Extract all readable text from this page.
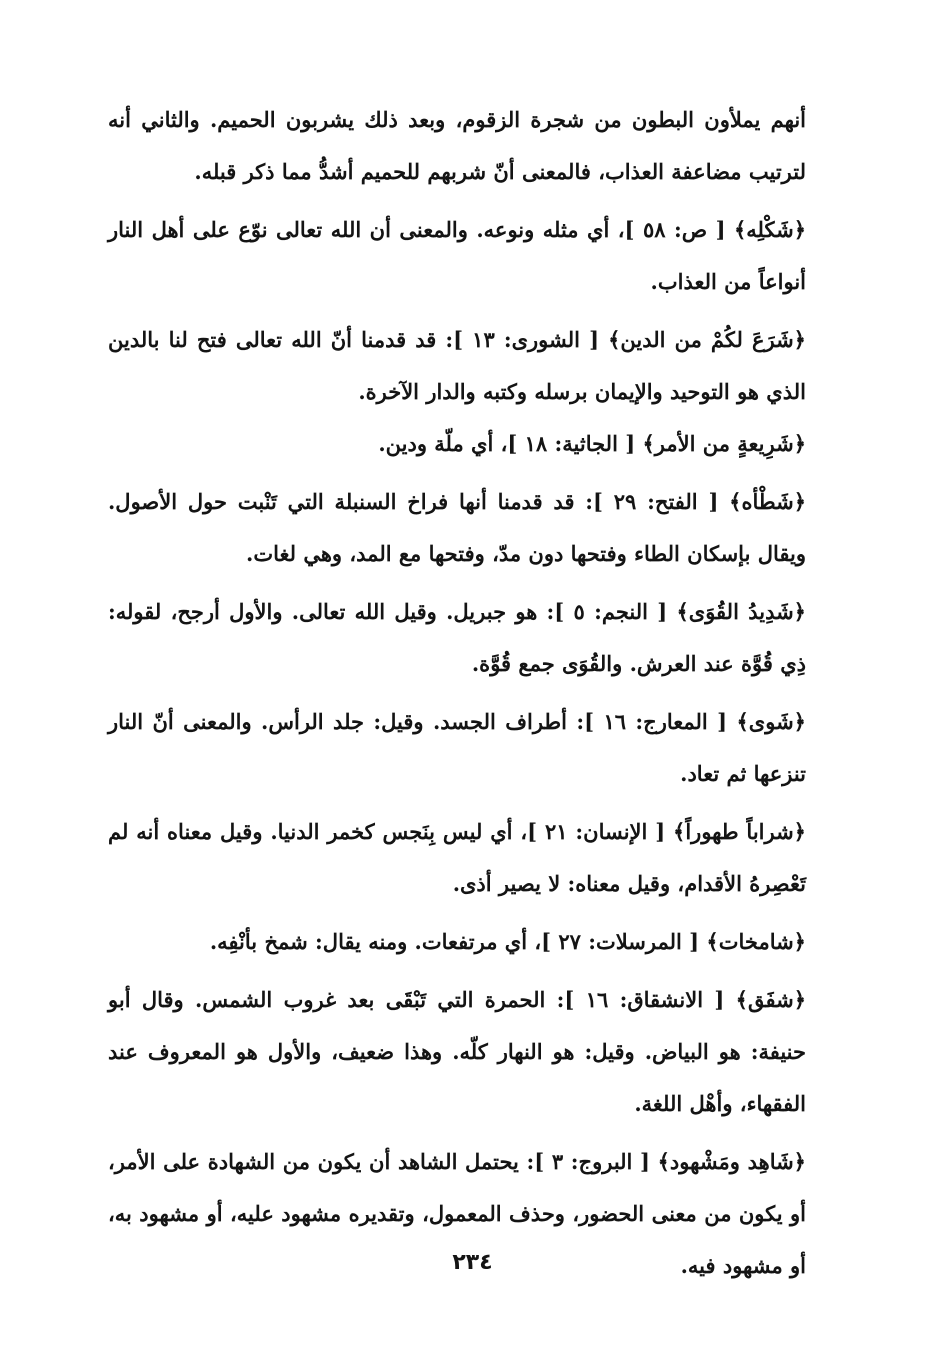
أنهم يملأون البطون من شجرة الزقوم، وبعد ذلك يشربون الحميم. والثاني أنه لترتيب مضاعفة العذاب، فالمعنى أنّ شربهم للحميم أشدُّ مما ذكر قبله.

﴿شَكْلِه﴾ [ ص: ٥٨ ]، أي مثله ونوعه. والمعنى أن الله تعالى نوّع على أهل النار أنواعاً من العذاب.

﴿شَرَعَ لكُمْ من الدين﴾ [ الشورى: ١٣ ]: قد قدمنا أنّ الله تعالى فتح لنا بالدين الذي هو التوحيد والإيمان برسله وكتبه والدار الآخرة.

﴿شَرِيعةٍ من الأمر﴾ [ الجاثية: ١٨ ]، أي ملّة ودين.

﴿شَطْأه﴾ [ الفتح: ٢٩ ]: قد قدمنا أنها فراخ السنبلة التي تَنْبت حول الأصول. ويقال بإسكان الطاء وفتحها دون مدّ، وفتحها مع المد، وهي لغات.

﴿شَدِيدُ القُوَى﴾ [ النجم: ٥ ]: هو جبريل. وقيل الله تعالى. والأول أرجح، لقوله: ذِي قُوَّة عند العرش. والقُوَى جمع قُوَّة.

﴿شَوى﴾ [ المعارج: ١٦ ]: أطراف الجسد. وقيل: جلد الرأس. والمعنى أنّ النار تنزعها ثم تعاد.

﴿شراباً طهوراً﴾ [ الإنسان: ٢١ ]، أي ليس بِنَجس كخمر الدنيا. وقيل معناه أنه لم تَعْصِرهُ الأقدام، وقيل معناه: لا يصير أذى.

﴿شامخات﴾ [ المرسلات: ٢٧ ]، أي مرتفعات. ومنه يقال: شمخ بأنْفِه.

﴿شفَق﴾ [ الانشقاق: ١٦ ]: الحمرة التي تَبْقَى بعد غروب الشمس. وقال أبو حنيفة: هو البياض. وقيل: هو النهار كلّه. وهذا ضعيف، والأول هو المعروف عند الفقهاء، وأهْل اللغة.

﴿شَاهِد ومَشْهود﴾ [ البروج: ٣ ]: يحتمل الشاهد أن يكون من الشهادة على الأمر، أو يكون من معنى الحضور، وحذف المعمول، وتقديره مشهود عليه، أو مشهود به، أو مشهود فيه.

٢٣٤
